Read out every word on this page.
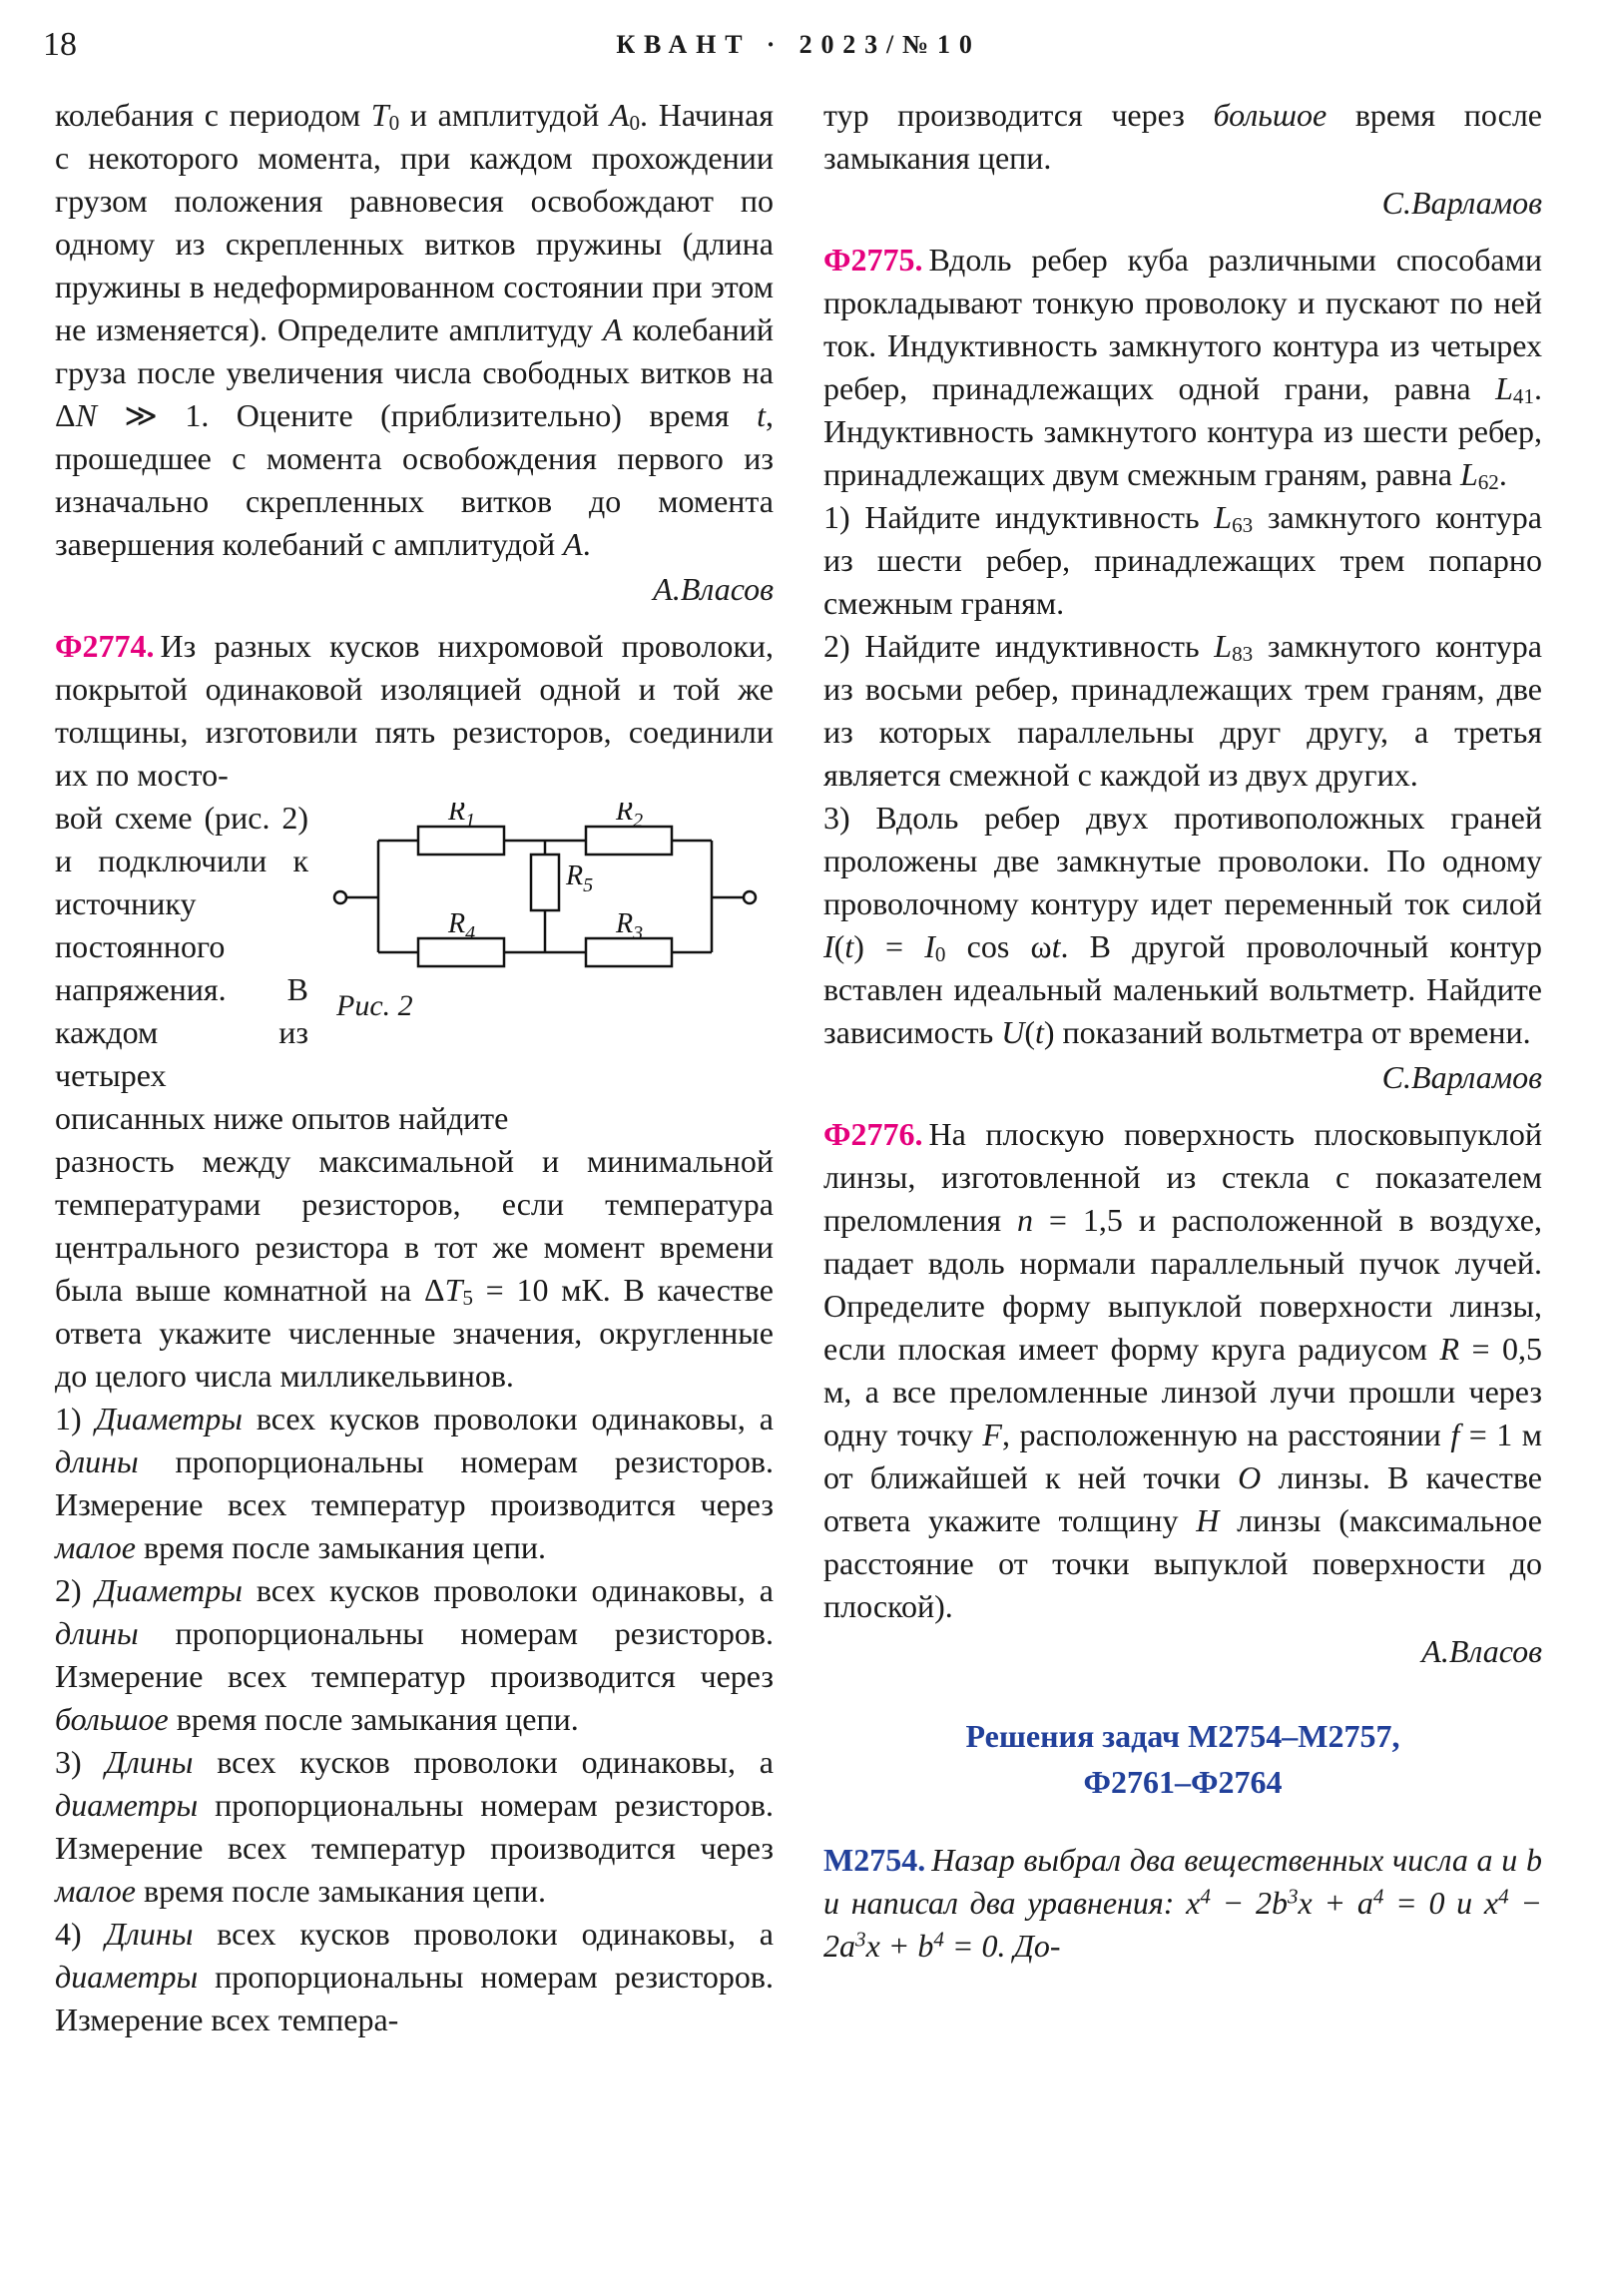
18	КВАНТ · 2023/№10

колебания с периодом $T_0$ и амплитудой $A_0$. Начиная с некоторого момента, при каждом прохождении грузом положения равновесия освобождают по одному из скрепленных витков пружины (длина пружины в недеформированном состоянии при этом не изменяется). Определите амплитуду A колебаний груза после увеличения числа свободных витков на ΔN ≫ 1. Оцените (приблизительно) время t, прошедшее с момента освобождения первого из изначально скрепленных витков до момента завершения колебаний с амплитудой A.

А.Власов

Ф2774. Из разных кусков нихромовой проволоки, покрытой одинаковой изоляцией одной и той же толщины, изготовили пять резисторов, соединили их по мосто-

$R_1$	$R_2$
$R_5$
$R_4$	$R_3$
Рис. 2

вой схеме (рис. 2) и подключили к источнику постоянного напряжения. В каждом из четырех описанных ниже опытов найдите

разность между максимальной и минимальной температурами резисторов, если температура центрального резистора в тот же момент времени была выше комнатной на $\Delta T_5 = 10$ мК. В качестве ответа укажите численные значения, округленные до целого числа милликельвинов.

1) Диаметры всех кусков проволоки одинаковы, а длины пропорциональны номерам резисторов. Измерение всех температур производится через малое время после замыкания цепи.

2) Диаметры всех кусков проволоки одинаковы, а длины пропорциональны номерам резисторов. Измерение всех температур производится через большое время после замыкания цепи.

3) Длины всех кусков проволоки одинаковы, а диаметры пропорциональны номерам резисторов. Измерение всех температур производится через малое время после замыкания цепи.

4) Длины всех кусков проволоки одинаковы, а диаметры пропорциональны номерам резисторов. Измерение всех темпера-

тур производится через большое время после замыкания цепи.

С.Варламов

Ф2775. Вдоль ребер куба различными способами прокладывают тонкую проволоку и пускают по ней ток. Индуктивность замкнутого контура из четырех ребер, принадлежащих одной грани, равна $L_{41}$. Индуктивность замкнутого контура из шести ребер, принадлежащих двум смежным граням, равна $L_{62}$.

1) Найдите индуктивность $L_{63}$ замкнутого контура из шести ребер, принадлежащих трем попарно смежным граням.

2) Найдите индуктивность $L_{83}$ замкнутого контура из восьми ребер, принадлежащих трем граням, две из которых параллельны друг другу, а третья является смежной с каждой из двух других.

3) Вдоль ребер двух противоположных граней проложены две замкнутые проволоки. По одному проволочному контуру идет переменный ток силой $I(t) = I_0$ cos ωt. В другой проволочный контур вставлен идеальный маленький вольтметр. Найдите зависимость U(t) показаний вольтметра от времени.

С.Варламов

Ф2776. На плоскую поверхность плосковыпуклой линзы, изготовленной из стекла с показателем преломления n = 1,5 и расположенной в воздухе, падает вдоль нормали параллельный пучок лучей. Определите форму выпуклой поверхности линзы, если плоская имеет форму круга радиусом R = 0,5 м, а все преломленные линзой лучи прошли через одну точку F, расположенную на расстоянии f = 1 м от ближайшей к ней точки O линзы. В качестве ответа укажите толщину H линзы (максимальное расстояние от точки выпуклой поверхности до плоской).

А.Власов

Решения задач М2754–М2757,
Ф2761–Ф2764

М2754. Назар выбрал два вещественных числа a и b и написал два уравнения: $x^4 - 2b^3x + a^4 = 0$ и $x^4 - 2a^3x + b^4 = 0$. До-
